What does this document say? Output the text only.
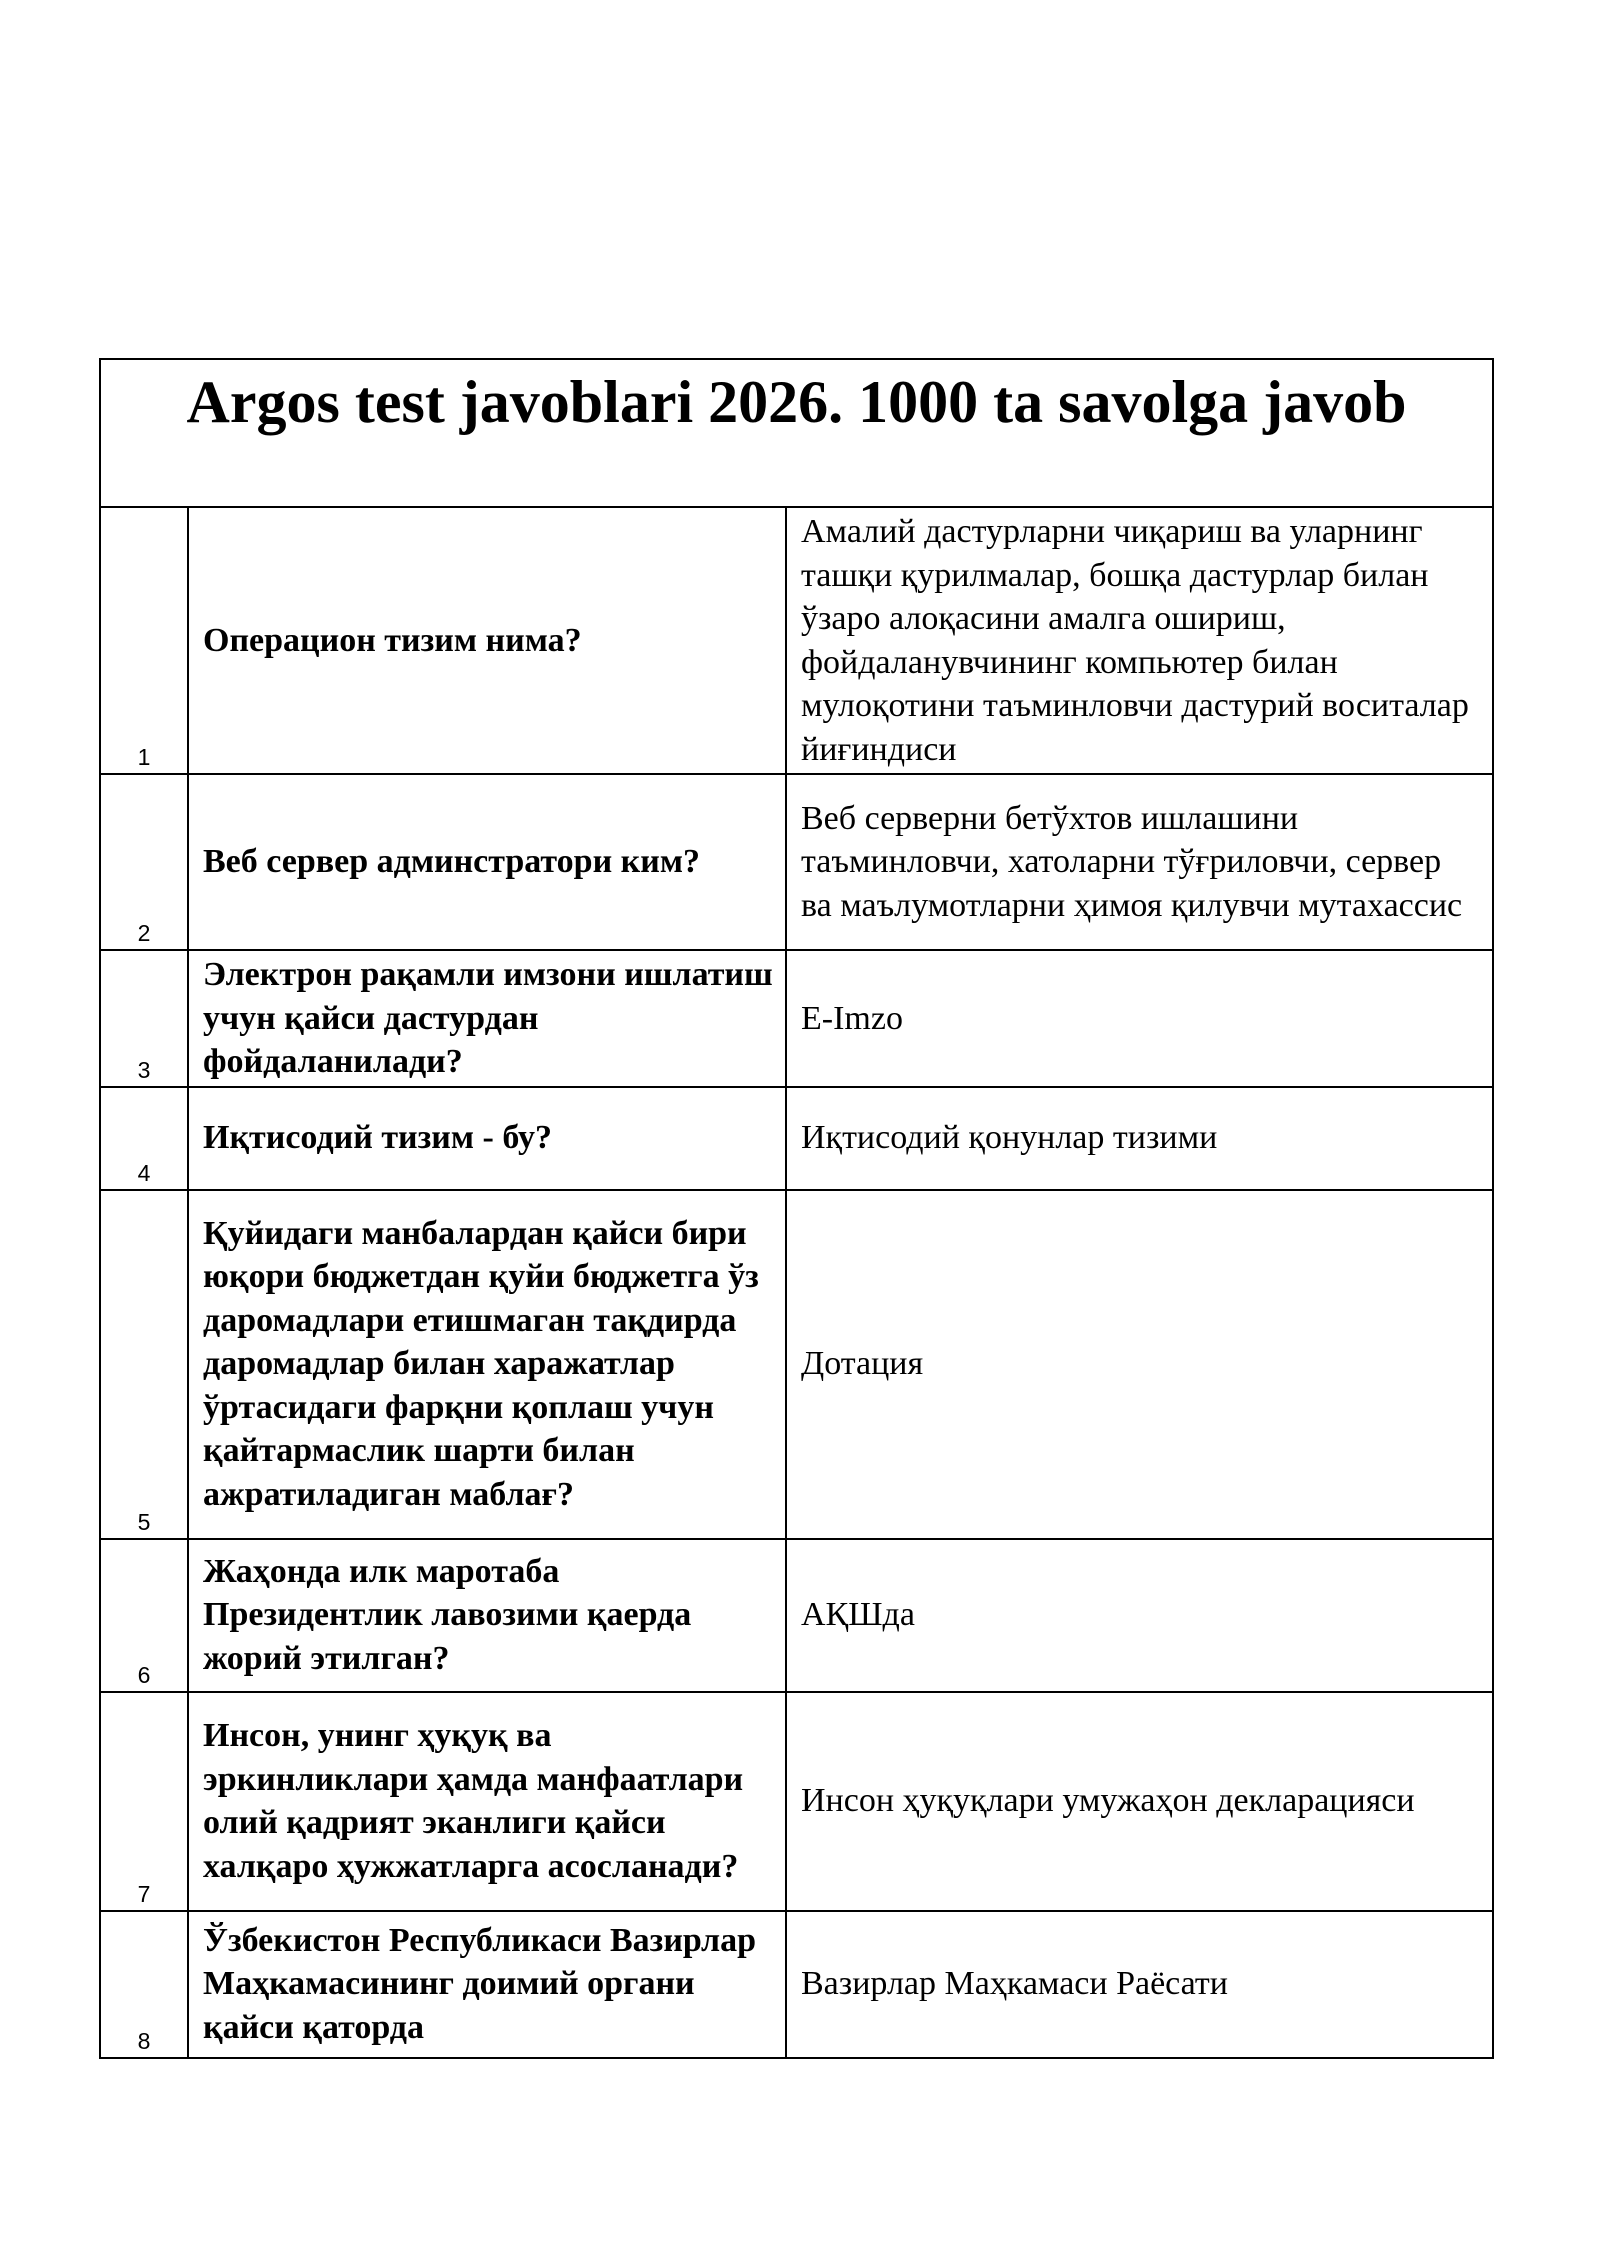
Argos test javoblari 2026. 1000 ta savolga javob		

1	Операцион тизим нима?	Амалий дастурларни чиқариш ва уларнинг ташқи қурилмалар, бошқа дастурлар билан ўзаро алоқасини амалга ошириш, фойдаланувчининг компьютер билан мулоқотини таъминловчи дастурий воситалар йиғиндиси
2	Веб сервер админстратори ким?	Веб серверни бетўхтов ишлашини таъминловчи, хатоларни тўғриловчи, сервер ва маълумотларни ҳимоя қилувчи мутахассис
3	Электрон рақамли имзони ишлатиш учун қайси дастурдан фойдаланилади?	E-Imzo
4	Иқтисодий тизим - бу?	Иқтисодий қонунлар тизими
5	Қуйидаги манбалардан қайси бири юқори бюджетдан қуйи бюджетга ўз даромадлари етишмаган тақдирда даромадлар билан харажатлар ўртасидаги фарқни қоплаш учун қайтармаслик шарти билан ажратиладиган маблағ?	Дотация
6	Жаҳонда илк маротаба Президентлик лавозими қаерда жорий этилган?	АҚШда
7	Инсон, унинг ҳуқуқ ва эркинликлари ҳамда манфаатлари олий қадрият эканлиги қайси халқаро ҳужжатларга асосланади?	Инсон ҳуқуқлари умужаҳон декларацияси
8	Ўзбекистон Республикаси Вазирлар Маҳкамасининг доимий органи қайси қаторда	Вазирлар Маҳкамаси Раёсати
